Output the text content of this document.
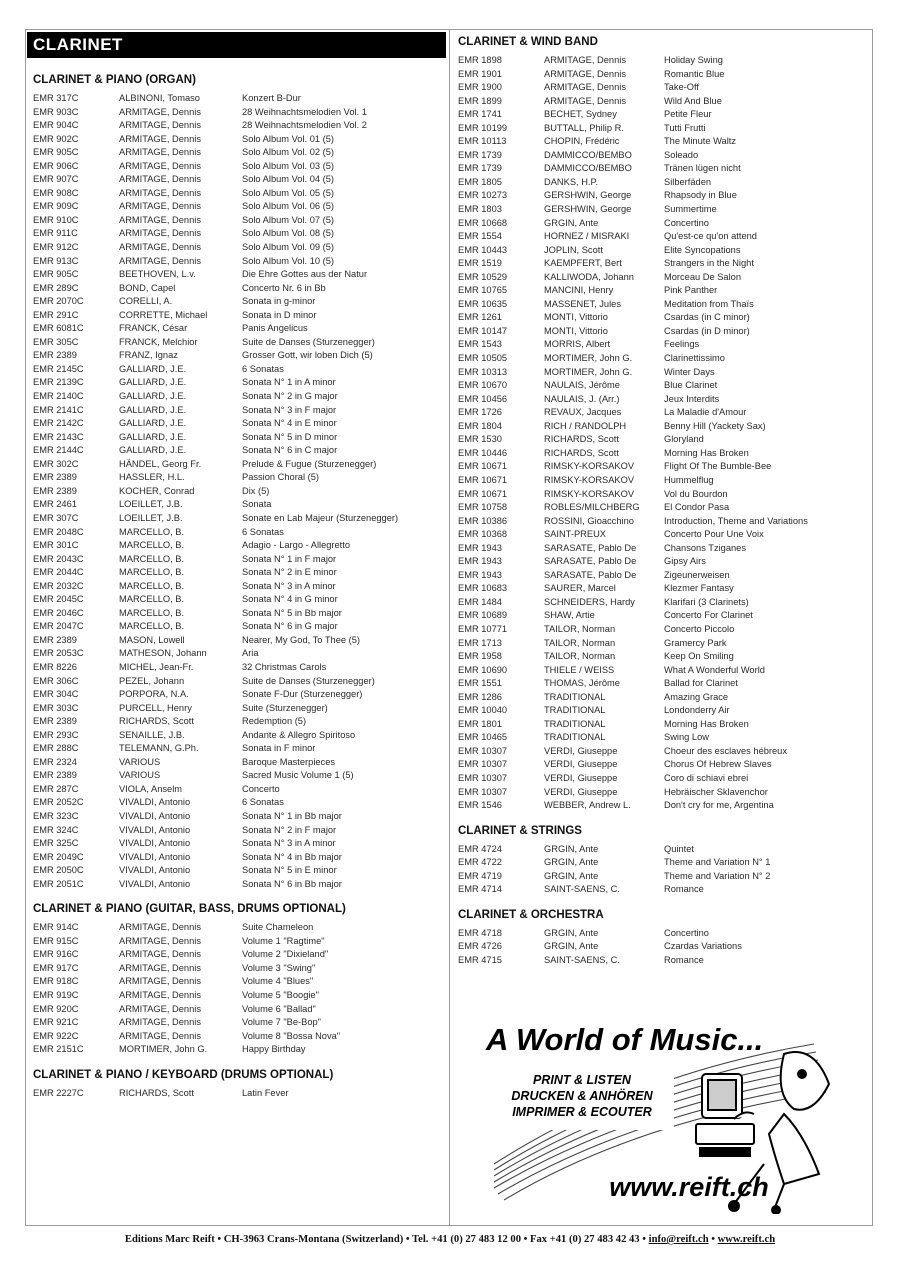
CLARINET
CLARINET & PIANO (ORGAN)
EMR 317C	ALBINONI, Tomaso	Konzert B-Dur
EMR 903C	ARMITAGE, Dennis	28 Weihnachtsmelodien Vol. 1
EMR 904C	ARMITAGE, Dennis	28 Weihnachtsmelodien Vol. 2
EMR 902C	ARMITAGE, Dennis	Solo Album Vol. 01 (5)
EMR 905C	ARMITAGE, Dennis	Solo Album Vol. 02 (5)
EMR 906C	ARMITAGE, Dennis	Solo Album Vol. 03 (5)
EMR 907C	ARMITAGE, Dennis	Solo Album Vol. 04 (5)
EMR 908C	ARMITAGE, Dennis	Solo Album Vol. 05 (5)
EMR 909C	ARMITAGE, Dennis	Solo Album Vol. 06 (5)
EMR 910C	ARMITAGE, Dennis	Solo Album Vol. 07 (5)
EMR 911C	ARMITAGE, Dennis	Solo Album Vol. 08 (5)
EMR 912C	ARMITAGE, Dennis	Solo Album Vol. 09 (5)
EMR 913C	ARMITAGE, Dennis	Solo Album Vol. 10 (5)
EMR 905C	BEETHOVEN, L.v.	Die Ehre Gottes aus der Natur
EMR 289C	BOND, Capel	Concerto Nr. 6 in Bb
EMR 2070C	CORELLI, A.	Sonata in g-minor
EMR 291C	CORRETTE, Michael	Sonata in D minor
EMR 6081C	FRANCK, César	Panis Angelicus
EMR 305C	FRANCK, Melchior	Suite de Danses (Sturzenegger)
EMR 2389	FRANZ, Ignaz	Grosser Gott, wir loben Dich (5)
EMR 2145C	GALLIARD, J.E.	6 Sonatas
EMR 2139C	GALLIARD, J.E.	Sonata N° 1 in A minor
EMR 2140C	GALLIARD, J.E.	Sonata N° 2 in G major
EMR 2141C	GALLIARD, J.E.	Sonata N° 3 in F major
EMR 2142C	GALLIARD, J.E.	Sonata N° 4 in E minor
EMR 2143C	GALLIARD, J.E.	Sonata N° 5 in D minor
EMR 2144C	GALLIARD, J.E.	Sonata N° 6 in C major
EMR 302C	HÄNDEL, Georg Fr.	Prelude & Fugue (Sturzenegger)
EMR 2389	HASSLER, H.L.	Passion Choral (5)
EMR 2389	KOCHER, Conrad	Dix (5)
EMR 2461	LOEILLET, J.B.	Sonata
EMR 307C	LOEILLET, J.B.	Sonate en Lab Majeur (Sturzenegger)
EMR 2048C	MARCELLO, B.	6 Sonatas
EMR 301C	MARCELLO, B.	Adagio - Largo - Allegretto
EMR 2043C	MARCELLO, B.	Sonata N° 1 in F major
EMR 2044C	MARCELLO, B.	Sonata N° 2 in E minor
EMR 2032C	MARCELLO, B.	Sonata N° 3 in A minor
EMR 2045C	MARCELLO, B.	Sonata N° 4 in G minor
EMR 2046C	MARCELLO, B.	Sonata N° 5 in Bb major
EMR 2047C	MARCELLO, B.	Sonata N° 6 in G major
EMR 2389	MASON, Lowell	Nearer, My God, To Thee (5)
EMR 2053C	MATHESON, Johann	Aria
EMR 8226	MICHEL, Jean-Fr.	32 Christmas Carols
EMR 306C	PEZEL, Johann	Suite de Danses (Sturzenegger)
EMR 304C	PORPORA, N.A.	Sonate F-Dur (Sturzenegger)
EMR 303C	PURCELL, Henry	Suite (Sturzenegger)
EMR 2389	RICHARDS, Scott	Redemption (5)
EMR 293C	SENAILLE, J.B.	Andante & Allegro Spiritoso
EMR 288C	TELEMANN, G.Ph.	Sonata in F minor
EMR 2324	VARIOUS	Baroque Masterpieces
EMR 2389	VARIOUS	Sacred Music Volume 1 (5)
EMR 287C	VIOLA, Anselm	Concerto
EMR 2052C	VIVALDI, Antonio	6 Sonatas
EMR 323C	VIVALDI, Antonio	Sonata N° 1 in Bb major
EMR 324C	VIVALDI, Antonio	Sonata N° 2 in F major
EMR 325C	VIVALDI, Antonio	Sonata N° 3 in A minor
EMR 2049C	VIVALDI, Antonio	Sonata N° 4 in Bb major
EMR 2050C	VIVALDI, Antonio	Sonata N° 5 in E minor
EMR 2051C	VIVALDI, Antonio	Sonata N° 6 in Bb major
CLARINET & PIANO (GUITAR, BASS, DRUMS OPTIONAL)
EMR 914C	ARMITAGE, Dennis	Suite Chameleon
EMR 915C	ARMITAGE, Dennis	Volume 1 "Ragtime"
EMR 916C	ARMITAGE, Dennis	Volume 2 "Dixieland"
EMR 917C	ARMITAGE, Dennis	Volume 3 "Swing"
EMR 918C	ARMITAGE, Dennis	Volume 4 "Blues"
EMR 919C	ARMITAGE, Dennis	Volume 5 "Boogie"
EMR 920C	ARMITAGE, Dennis	Volume 6 "Ballad"
EMR 921C	ARMITAGE, Dennis	Volume 7 "Be-Bop"
EMR 922C	ARMITAGE, Dennis	Volume 8 "Bossa Nova"
EMR 2151C	MORTIMER, John G.	Happy Birthday
CLARINET & PIANO / KEYBOARD (DRUMS OPTIONAL)
EMR 2227C	RICHARDS, Scott	Latin Fever
CLARINET & WIND BAND
EMR 1898	ARMITAGE, Dennis	Holiday Swing
EMR 1901	ARMITAGE, Dennis	Romantic Blue
EMR 1900	ARMITAGE, Dennis	Take-Off
EMR 1899	ARMITAGE, Dennis	Wild And Blue
EMR 1741	BECHET, Sydney	Petite Fleur
EMR 10199	BUTTALL, Philip R.	Tutti Frutti
EMR 10113	CHOPIN, Frédéric	The Minute Waltz
EMR 1739	DAMMICCO/BEMBO	Soleado
EMR 1739	DAMMICCO/BEMBO	Tränen lügen nicht
EMR 1805	DANKS, H.P.	Silberfäden
EMR 10273	GERSHWIN, George	Rhapsody in Blue
EMR 1803	GERSHWIN, George	Summertime
EMR 10668	GRGIN, Ante	Concertino
EMR 1554	HORNEZ / MISRAKI	Qu'est-ce qu'on attend
EMR 10443	JOPLIN, Scott	Elite Syncopations
EMR 1519	KAEMPFERT, Bert	Strangers in the Night
EMR 10529	KALLIWODA, Johann	Morceau De Salon
EMR 10765	MANCINI, Henry	Pink Panther
EMR 10635	MASSENET, Jules	Meditation from Thaïs
EMR 1261	MONTI, Vittorio	Csardas (in C minor)
EMR 10147	MONTI, Vittorio	Csardas (in D minor)
EMR 1543	MORRIS, Albert	Feelings
EMR 10505	MORTIMER, John G.	Clarinettissimo
EMR 10313	MORTIMER, John G.	Winter Days
EMR 10670	NAULAIS, Jérôme	Blue Clarinet
EMR 10456	NAULAIS, J. (Arr.)	Jeux Interdits
EMR 1726	REVAUX, Jacques	La Maladie d'Amour
EMR 1804	RICH / RANDOLPH	Benny Hill (Yackety Sax)
EMR 1530	RICHARDS, Scott	Gloryland
EMR 10446	RICHARDS, Scott	Morning Has Broken
EMR 10671	RIMSKY-KORSAKOV	Flight Of The Bumble-Bee
EMR 10671	RIMSKY-KORSAKOV	Hummelflug
EMR 10671	RIMSKY-KORSAKOV	Vol du Bourdon
EMR 10758	ROBLES/MILCHBERG	El Condor Pasa
EMR 10386	ROSSINI, Gioacchino	Introduction, Theme and Variations
EMR 10368	SAINT-PREUX	Concerto Pour Une Voix
EMR 1943	SARASATE, Pablo De	Chansons Tziganes
EMR 1943	SARASATE, Pablo De	Gipsy Airs
EMR 1943	SARASATE, Pablo De	Zigeunerweisen
EMR 10683	SAURER, Marcel	Klezmer Fantasy
EMR 1484	SCHNEIDERS, Hardy	Klarifari (3 Clarinets)
EMR 10689	SHAW, Artie	Concerto For Clarinet
EMR 10771	TAILOR, Norman	Concerto Piccolo
EMR 1713	TAILOR, Norman	Gramercy Park
EMR 1958	TAILOR, Norman	Keep On Smiling
EMR 10690	THIELE / WEISS	What A Wonderful World
EMR 1551	THOMAS, Jérôme	Ballad for Clarinet
EMR 1286	TRADITIONAL	Amazing Grace
EMR 10040	TRADITIONAL	Londonderry Air
EMR 1801	TRADITIONAL	Morning Has Broken
EMR 10465	TRADITIONAL	Swing Low
EMR 10307	VERDI, Giuseppe	Choeur des esclaves hébreux
EMR 10307	VERDI, Giuseppe	Chorus Of Hebrew Slaves
EMR 10307	VERDI, Giuseppe	Coro di schiavi ebrei
EMR 10307	VERDI, Giuseppe	Hebräischer Sklavenchor
EMR 1546	WEBBER, Andrew L.	Don't cry for me, Argentina
CLARINET & STRINGS
EMR 4724	GRGIN, Ante	Quintet
EMR 4722	GRGIN, Ante	Theme and Variation N° 1
EMR 4719	GRGIN, Ante	Theme and Variation N° 2
EMR 4714	SAINT-SAENS, C.	Romance
CLARINET & ORCHESTRA
EMR 4718	GRGIN, Ante	Concertino
EMR 4726	GRGIN, Ante	Czardas Variations
EMR 4715	SAINT-SAENS, C.	Romance
A World of Music...
PRINT & LISTEN
DRUCKEN & ANHÖREN
IMPRIMER & ECOUTER
www.reift.ch
Editions Marc Reift • CH-3963 Crans-Montana (Switzerland) • Tel. +41 (0) 27 483 12 00 • Fax +41 (0) 27 483 42 43 • info@reift.ch • www.reift.ch
